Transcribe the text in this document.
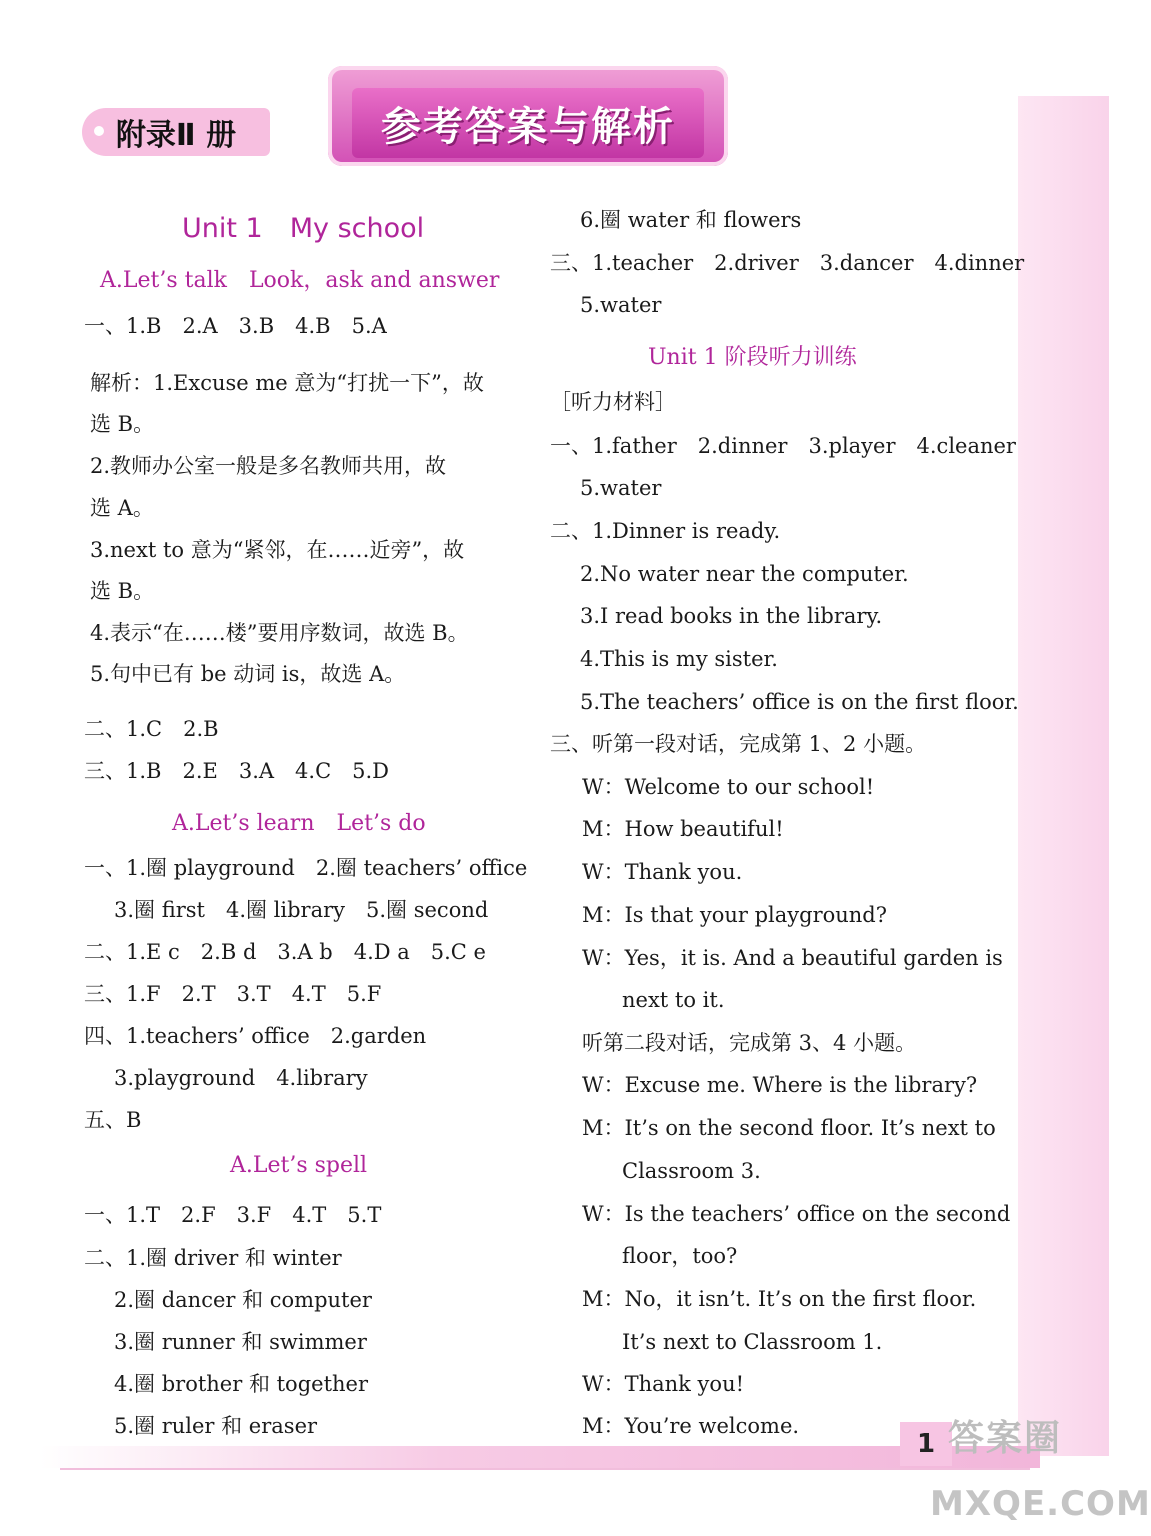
附录Ⅱ 册	参考答案与解析
Unit 1　My school
A.Let’s talk　Look，ask and answer
一、1.B　2.A　3.B　4.B　5.A
解析：1.Excuse me 意为“打扰一下”，故
选 B。
2.教师办公室一般是多名教师共用，故
选 A。
3.next to 意为“紧邻，在……近旁”，故
选 B。
4.表示“在……楼”要用序数词，故选 B。
5.句中已有 be 动词 is，故选 A。
二、1.C　2.B
三、1.B　2.E　3.A　4.C　5.D
A.Let’s learn　Let’s do
一、1.圈 playground　2.圈 teachers’ office
3.圈 first　4.圈 library　5.圈 second
二、1.E c　2.B d　3.A b　4.D a　5.C e
三、1.F　2.T　3.T　4.T　5.F
四、1.teachers’ office　2.garden
3.playground　4.library
五、B
A.Let’s spell
一、1.T　2.F　3.F　4.T　5.T
二、1.圈 driver 和 winter
2.圈 dancer 和 computer
3.圈 runner 和 swimmer
4.圈 brother 和 together
5.圈 ruler 和 eraser
6.圈 water 和 flowers
三、1.teacher　2.driver　3.dancer　4.dinner
5.water
Unit 1 阶段听力训练
［听力材料］
一、1.father　2.dinner　3.player　4.cleaner
5.water
二、1.Dinner is ready.
2.No water near the computer.
3.I read books in the library.
4.This is my sister.
5.The teachers’ office is on the first floor.
三、听第一段对话，完成第 1、2 小题。
W：Welcome to our school!
M：How beautiful!
W：Thank you.
M：Is that your playground?
W：Yes，it is. And a beautiful garden is
next to it.
听第二段对话，完成第 3、4 小题。
W：Excuse me. Where is the library?
M：It’s on the second floor. It’s next to
Classroom 3.
W：Is the teachers’ office on the second
floor，too?
M：No，it isn’t. It’s on the first floor.
It’s next to Classroom 1.
W：Thank you!
M：You’re welcome.
1 答案圈
MXQE.COM
